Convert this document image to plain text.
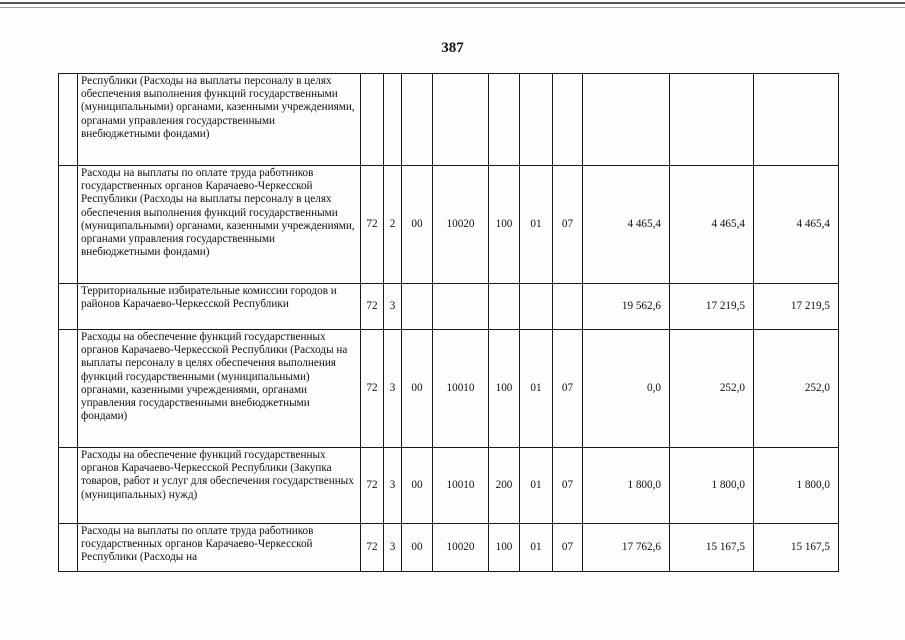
387
	Республики (Расходы на выплаты персоналу в целях обеспечения выполнения функций государственными (муниципальными) органами, казенными учреждениями, органами управления государственными внебюджетными фондами)										
	Расходы на выплаты по оплате труда работников государственных органов Карачаево-Черкесской Республики (Расходы на выплаты персоналу в целях обеспечения выполнения функций государственными (муниципальными) органами, казенными учреждениями, органами управления государственными внебюджетными фондами)	72	2	00	10020	100	01	07	4 465,4	4 465,4	4 465,4
	Территориальные избирательные комиссии городов и районов Карачаево-Черкесской Республики	72	3						19 562,6	17 219,5	17 219,5
	Расходы на обеспечение функций государственных органов Карачаево-Черкесской Республики (Расходы на выплаты персоналу в целях обеспечения выполнения функций государственными (муниципальными) органами, казенными учреждениями, органами управления государственными внебюджетными фондами)	72	3	00	10010	100	01	07	0,0	252,0	252,0
	Расходы на обеспечение функций государственных органов Карачаево-Черкесской Республики (Закупка товаров, работ и услуг для обеспечения государственных (муниципальных) нужд)	72	3	00	10010	200	01	07	1 800,0	1 800,0	1 800,0
	Расходы на выплаты по оплате труда работников государственных органов Карачаево-Черкесской Республики (Расходы на	72	3	00	10020	100	01	07	17 762,6	15 167,5	15 167,5
